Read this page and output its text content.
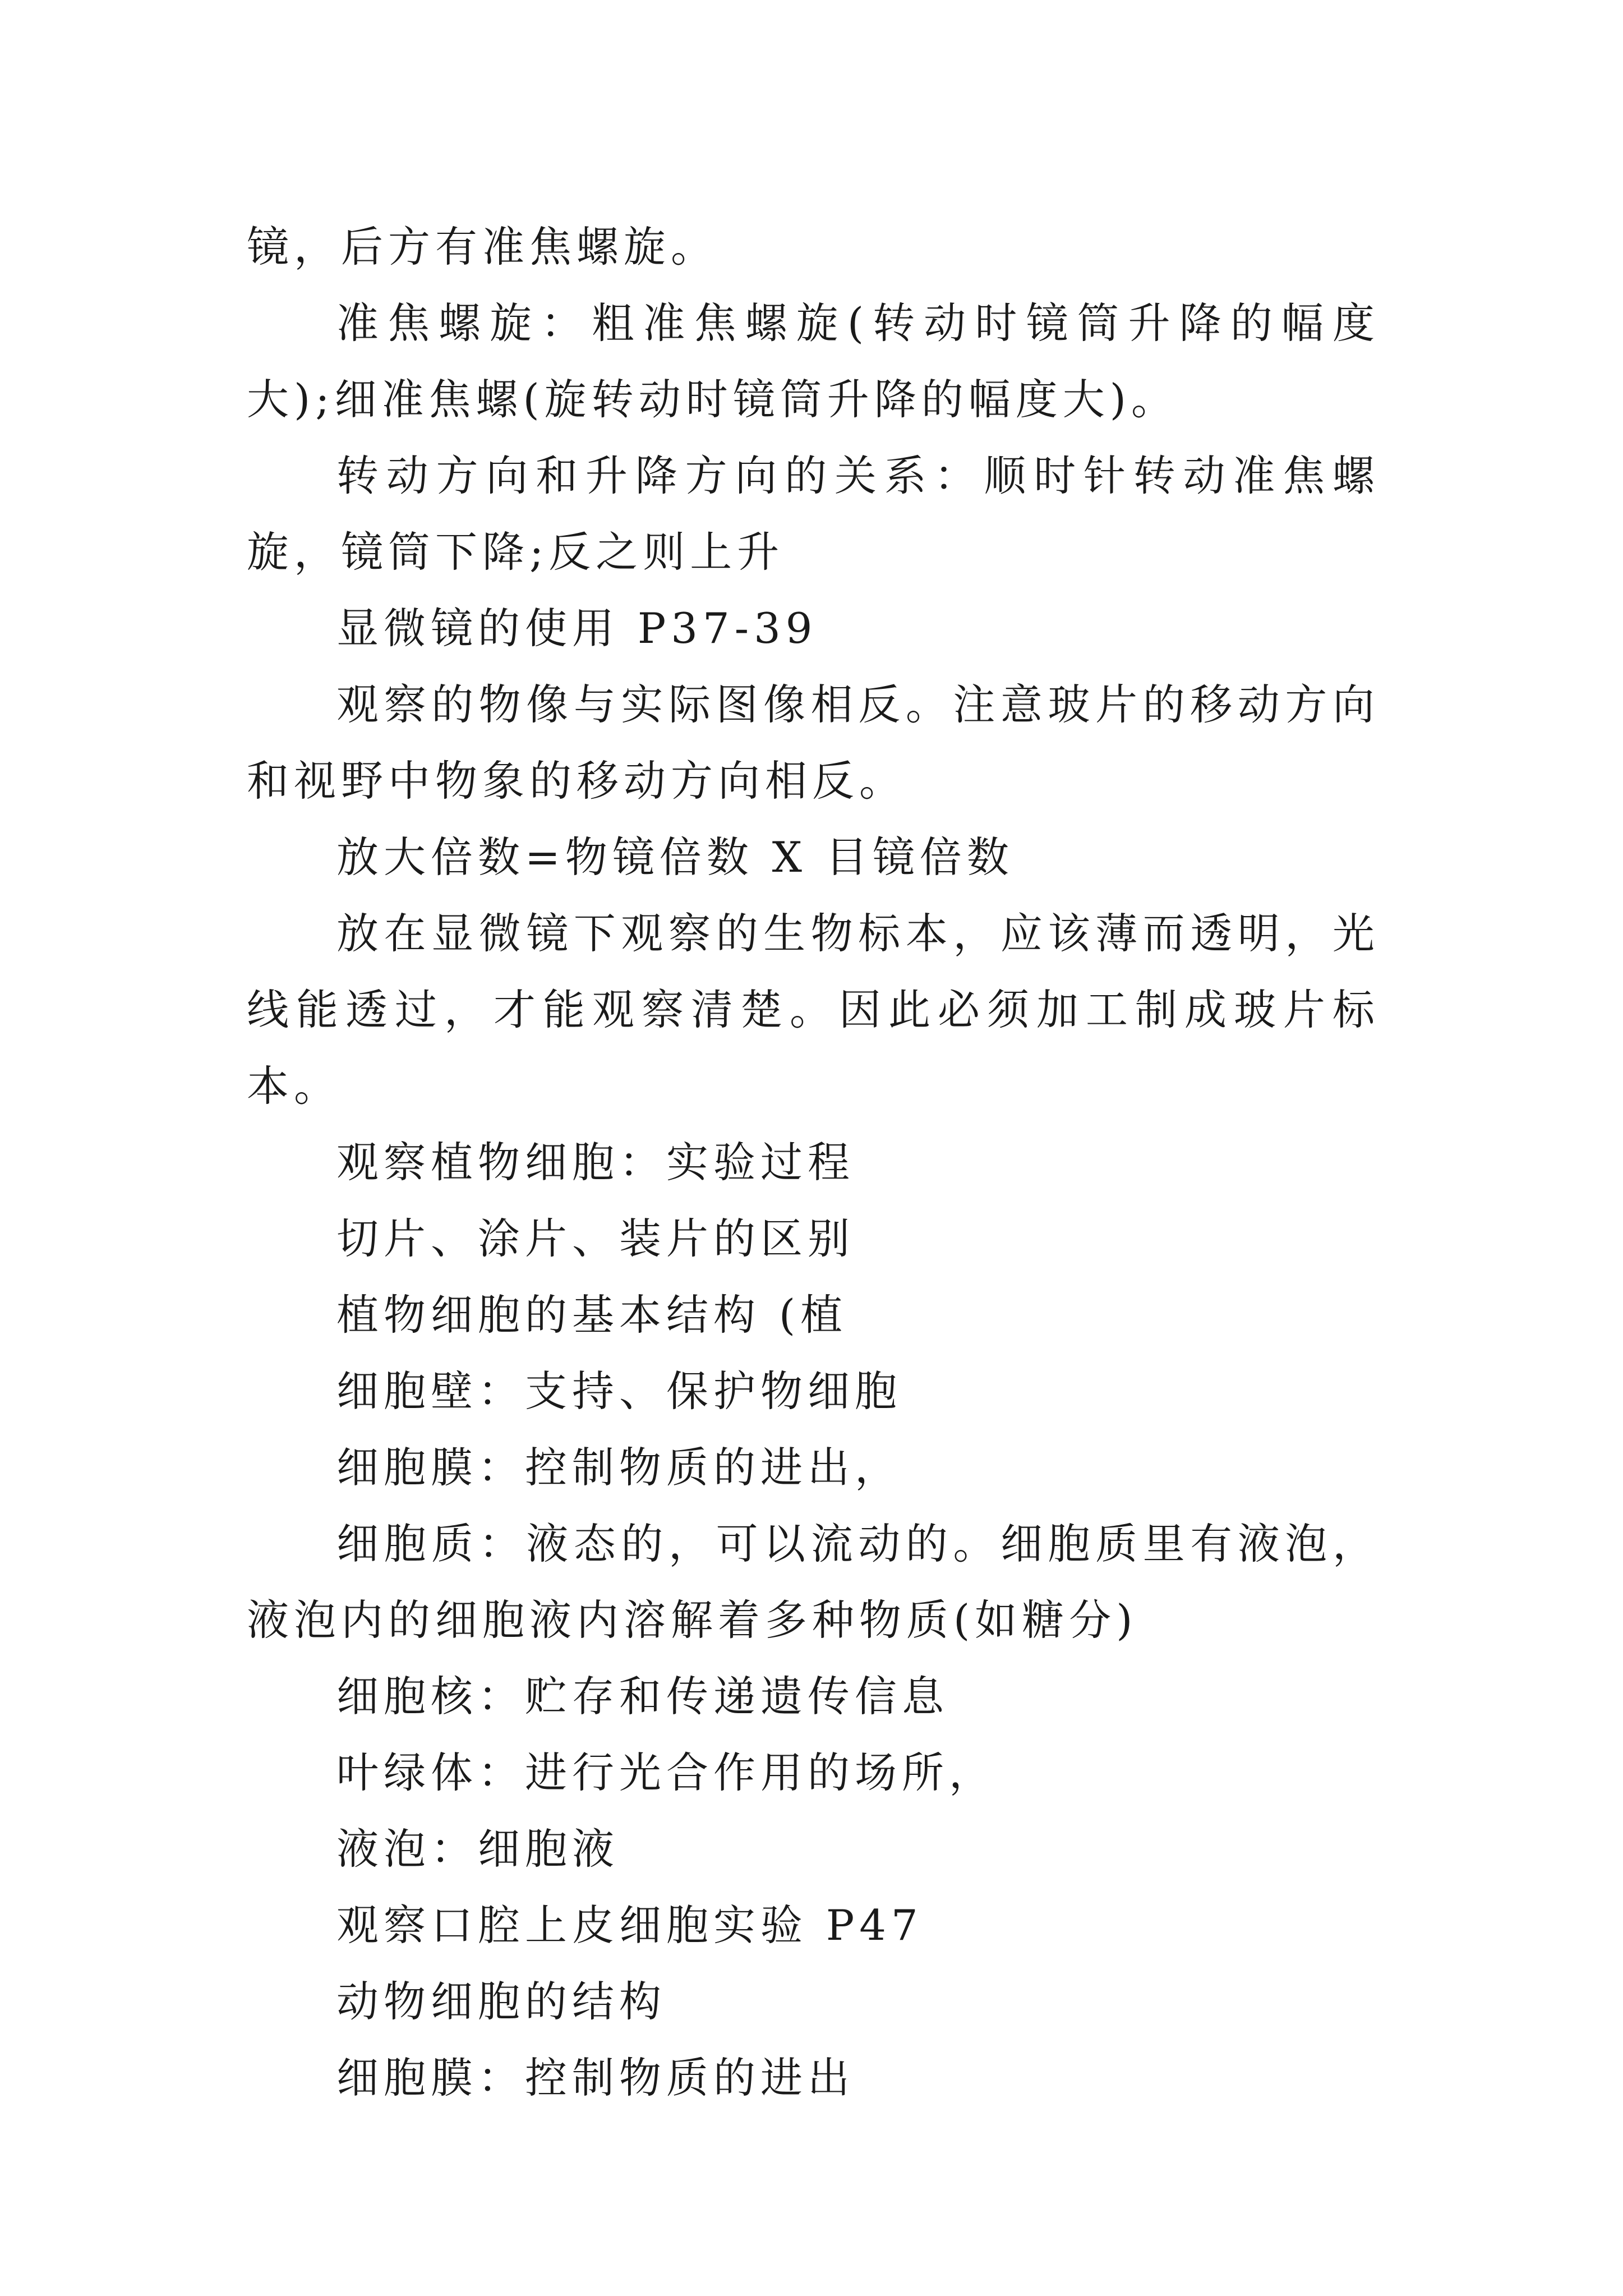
镜，后方有准焦螺旋。

准焦螺旋：粗准焦螺旋(转动时镜筒升降的幅度大);细准焦螺(旋转动时镜筒升降的幅度大)。

转动方向和升降方向的关系：顺时针转动准焦螺旋，镜筒下降;反之则上升

显微镜的使用 P37-39

观察的物像与实际图像相反。注意玻片的移动方向和视野中物象的移动方向相反。

放大倍数=物镜倍数 X 目镜倍数

放在显微镜下观察的生物标本，应该薄而透明，光线能透过，才能观察清楚。因此必须加工制成玻片标本。

观察植物细胞：实验过程

切片、涂片、装片的区别

植物细胞的基本结构 (植

细胞壁：支持、保护物细胞

细胞膜：控制物质的进出，

细胞质：液态的，可以流动的。细胞质里有液泡，液泡内的细胞液内溶解着多种物质(如糖分)

细胞核：贮存和传递遗传信息

叶绿体：进行光合作用的场所，

液泡：细胞液

观察口腔上皮细胞实验 P47

动物细胞的结构

细胞膜：控制物质的进出
